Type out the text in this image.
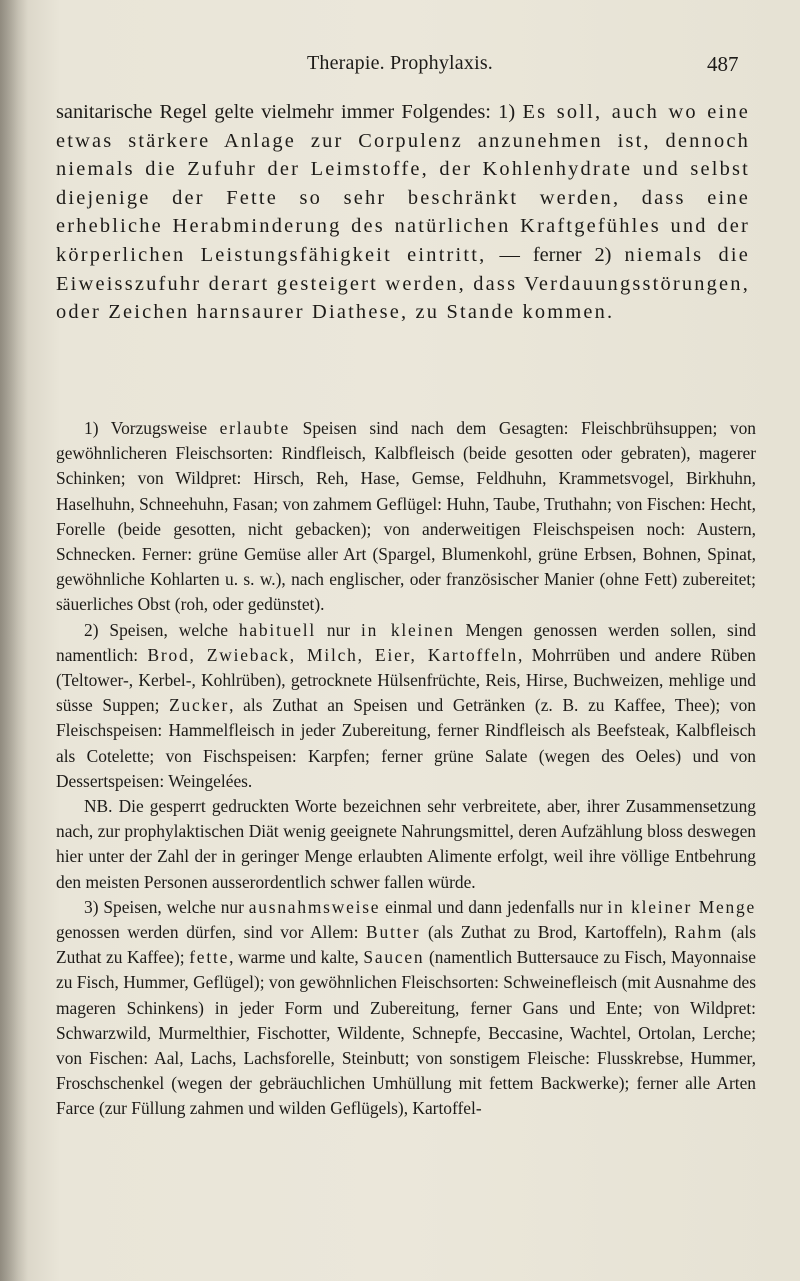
Therapie. Prophylaxis.	487

sanitarische Regel gelte vielmehr immer Folgendes: 1) Es soll, auch wo eine etwas stärkere Anlage zur Corpulenz anzunehmen ist, dennoch niemals die Zufuhr der Leimstoffe, der Kohlenhydrate und selbst diejenige der Fette so sehr beschränkt werden, dass eine erhebliche Herabminderung des natürlichen Kraftgefühles und der körperlichen Leistungsfähigkeit eintritt, — ferner 2) niemals die Eiweisszufuhr derart gesteigert werden, dass Verdauungsstörungen, oder Zeichen harnsaurer Diathese, zu Stande kommen.

1) Vorzugsweise erlaubte Speisen sind nach dem Gesagten: Fleischbrühsuppen; von gewöhnlicheren Fleischsorten: Rindfleisch, Kalbfleisch (beide gesotten oder gebraten), magerer Schinken; von Wildpret: Hirsch, Reh, Hase, Gemse, Feldhuhn, Krammetsvogel, Birkhuhn, Haselhuhn, Schneehuhn, Fasan; von zahmem Geflügel: Huhn, Taube, Truthahn; von Fischen: Hecht, Forelle (beide gesotten, nicht gebacken); von anderweitigen Fleischspeisen noch: Austern, Schnecken. Ferner: grüne Gemüse aller Art (Spargel, Blumenkohl, grüne Erbsen, Bohnen, Spinat, gewöhnliche Kohlarten u. s. w.), nach englischer, oder französischer Manier (ohne Fett) zubereitet; säuerliches Obst (roh, oder gedünstet).

2) Speisen, welche habituell nur in kleinen Mengen genossen werden sollen, sind namentlich: Brod, Zwieback, Milch, Eier, Kartoffeln, Mohrrüben und andere Rüben (Teltower-, Kerbel-, Kohlrüben), getrocknete Hülsenfrüchte, Reis, Hirse, Buchweizen, mehlige und süsse Suppen; Zucker, als Zuthat an Speisen und Getränken (z. B. zu Kaffee, Thee); von Fleischspeisen: Hammelfleisch in jeder Zubereitung, ferner Rindfleisch als Beefsteak, Kalbfleisch als Cotelette; von Fischspeisen: Karpfen; ferner grüne Salate (wegen des Oeles) und von Dessertspeisen: Weingelées.

NB. Die gesperrt gedruckten Worte bezeichnen sehr verbreitete, aber, ihrer Zusammensetzung nach, zur prophylaktischen Diät wenig geeignete Nahrungsmittel, deren Aufzählung bloss deswegen hier unter der Zahl der in geringer Menge erlaubten Alimente erfolgt, weil ihre völlige Entbehrung den meisten Personen ausserordentlich schwer fallen würde.

3) Speisen, welche nur ausnahmsweise einmal und dann jedenfalls nur in kleiner Menge genossen werden dürfen, sind vor Allem: Butter (als Zuthat zu Brod, Kartoffeln), Rahm (als Zuthat zu Kaffee); fette, warme und kalte, Saucen (namentlich Buttersauce zu Fisch, Mayonnaise zu Fisch, Hummer, Geflügel); von gewöhnlichen Fleischsorten: Schweinefleisch (mit Ausnahme des mageren Schinkens) in jeder Form und Zubereitung, ferner Gans und Ente; von Wildpret: Schwarzwild, Murmelthier, Fischotter, Wildente, Schnepfe, Beccasine, Wachtel, Ortolan, Lerche; von Fischen: Aal, Lachs, Lachsforelle, Steinbutt; von sonstigem Fleische: Flusskrebse, Hummer, Froschschenkel (wegen der gebräuchlichen Umhüllung mit fettem Backwerke); ferner alle Arten Farce (zur Füllung zahmen und wilden Geflügels), Kartoffel-
